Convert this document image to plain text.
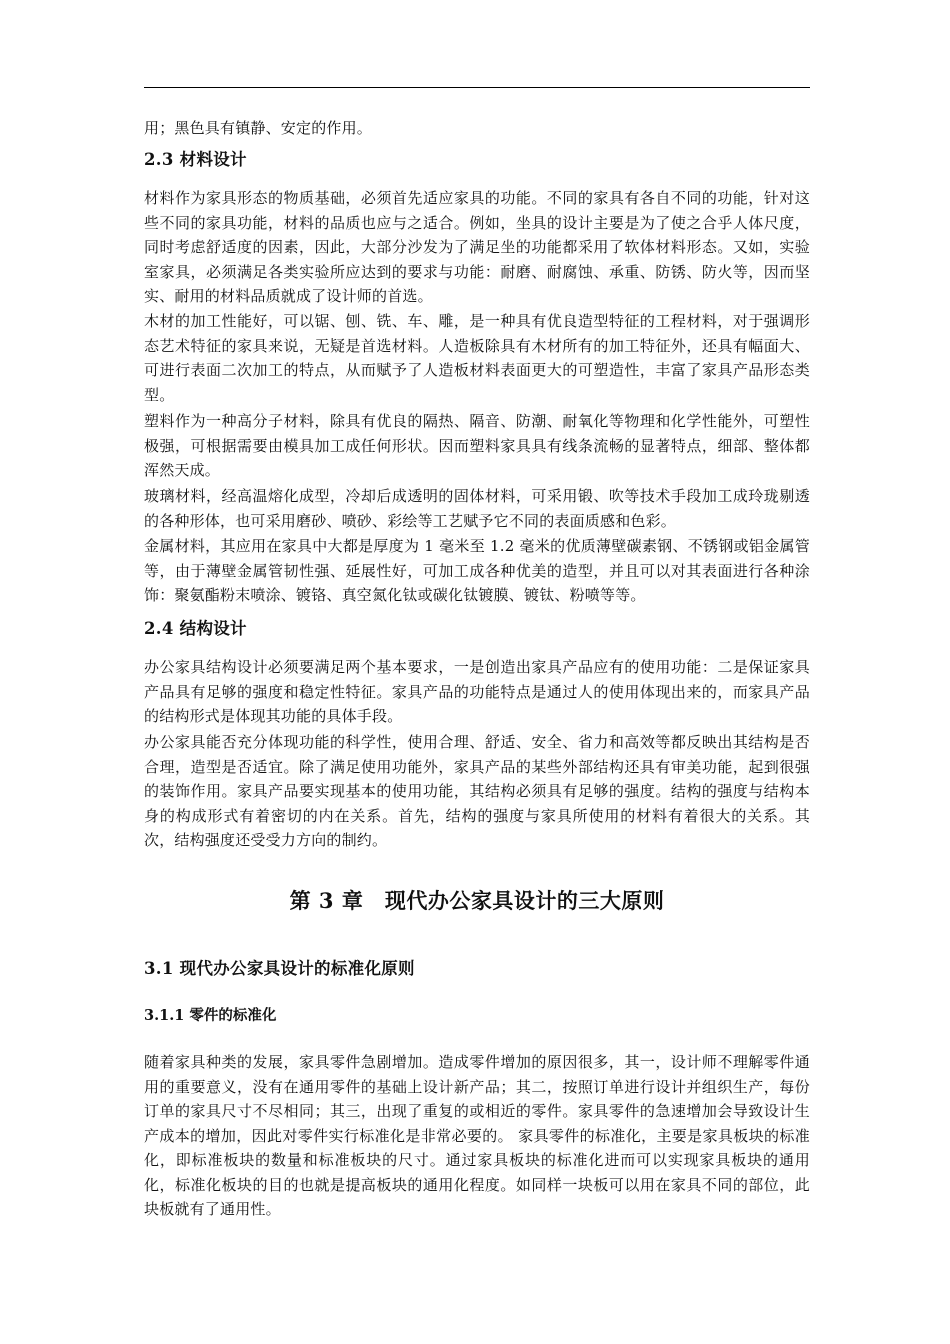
用；黑色具有镇静、安定的作用。

2.3 材料设计

材料作为家具形态的物质基础，必须首先适应家具的功能。不同的家具有各自不同的功能，针对这些不同的家具功能，材料的品质也应与之适合。例如，坐具的设计主要是为了使之合乎人体尺度，同时考虑舒适度的因素，因此，大部分沙发为了满足坐的功能都采用了软体材料形态。又如，实验室家具，必须满足各类实验所应达到的要求与功能：耐磨、耐腐蚀、承重、防锈、防火等，因而坚实、耐用的材料品质就成了设计师的首选。

木材的加工性能好，可以锯、刨、铣、车、雕，是一种具有优良造型特征的工程材料，对于强调形态艺术特征的家具来说，无疑是首选材料。人造板除具有木材所有的加工特征外，还具有幅面大、可进行表面二次加工的特点，从而赋予了人造板材料表面更大的可塑造性，丰富了家具产品形态类型。

塑料作为一种高分子材料，除具有优良的隔热、隔音、防潮、耐氧化等物理和化学性能外，可塑性极强，可根据需要由模具加工成任何形状。因而塑料家具具有线条流畅的显著特点，细部、整体都浑然天成。

玻璃材料，经高温熔化成型，冷却后成透明的固体材料，可采用锻、吹等技术手段加工成玲珑剔透的各种形体，也可采用磨砂、喷砂、彩绘等工艺赋予它不同的表面质感和色彩。

金属材料，其应用在家具中大都是厚度为 1 毫米至 1.2 毫米的优质薄壁碳素钢、不锈钢或铝金属管等，由于薄壁金属管韧性强、延展性好，可加工成各种优美的造型，并且可以对其表面进行各种涂饰：聚氨酯粉末喷涂、镀铬、真空氮化钛或碳化钛镀膜、镀钛、粉喷等等。

2.4 结构设计

办公家具结构设计必须要满足两个基本要求，一是创造出家具产品应有的使用功能：二是保证家具产品具有足够的强度和稳定性特征。家具产品的功能特点是通过人的使用体现出来的，而家具产品的结构形式是体现其功能的具体手段。

办公家具能否充分体现功能的科学性，使用合理、舒适、安全、省力和高效等都反映出其结构是否合理，造型是否适宜。除了满足使用功能外，家具产品的某些外部结构还具有审美功能，起到很强的装饰作用。家具产品要实现基本的使用功能，其结构必须具有足够的强度。结构的强度与结构本身的构成形式有着密切的内在关系。首先，结构的强度与家具所使用的材料有着很大的关系。其次，结构强度还受受力方向的制约。

第 3 章　现代办公家具设计的三大原则
3.1 现代办公家具设计的标准化原则
3.1.1 零件的标准化

随着家具种类的发展，家具零件急剧增加。造成零件增加的原因很多，其一，设计师不理解零件通用的重要意义，没有在通用零件的基础上设计新产品；其二，按照订单进行设计并组织生产，每份订单的家具尺寸不尽相同；其三，出现了重复的或相近的零件。家具零件的急速增加会导致设计生产成本的增加，因此对零件实行标准化是非常必要的。 家具零件的标准化，主要是家具板块的标准化，即标准板块的数量和标准板块的尺寸。通过家具板块的标准化进而可以实现家具板块的通用化，标准化板块的目的也就是提高板块的通用化程度。如同样一块板可以用在家具不同的部位，此块板就有了通用性。
